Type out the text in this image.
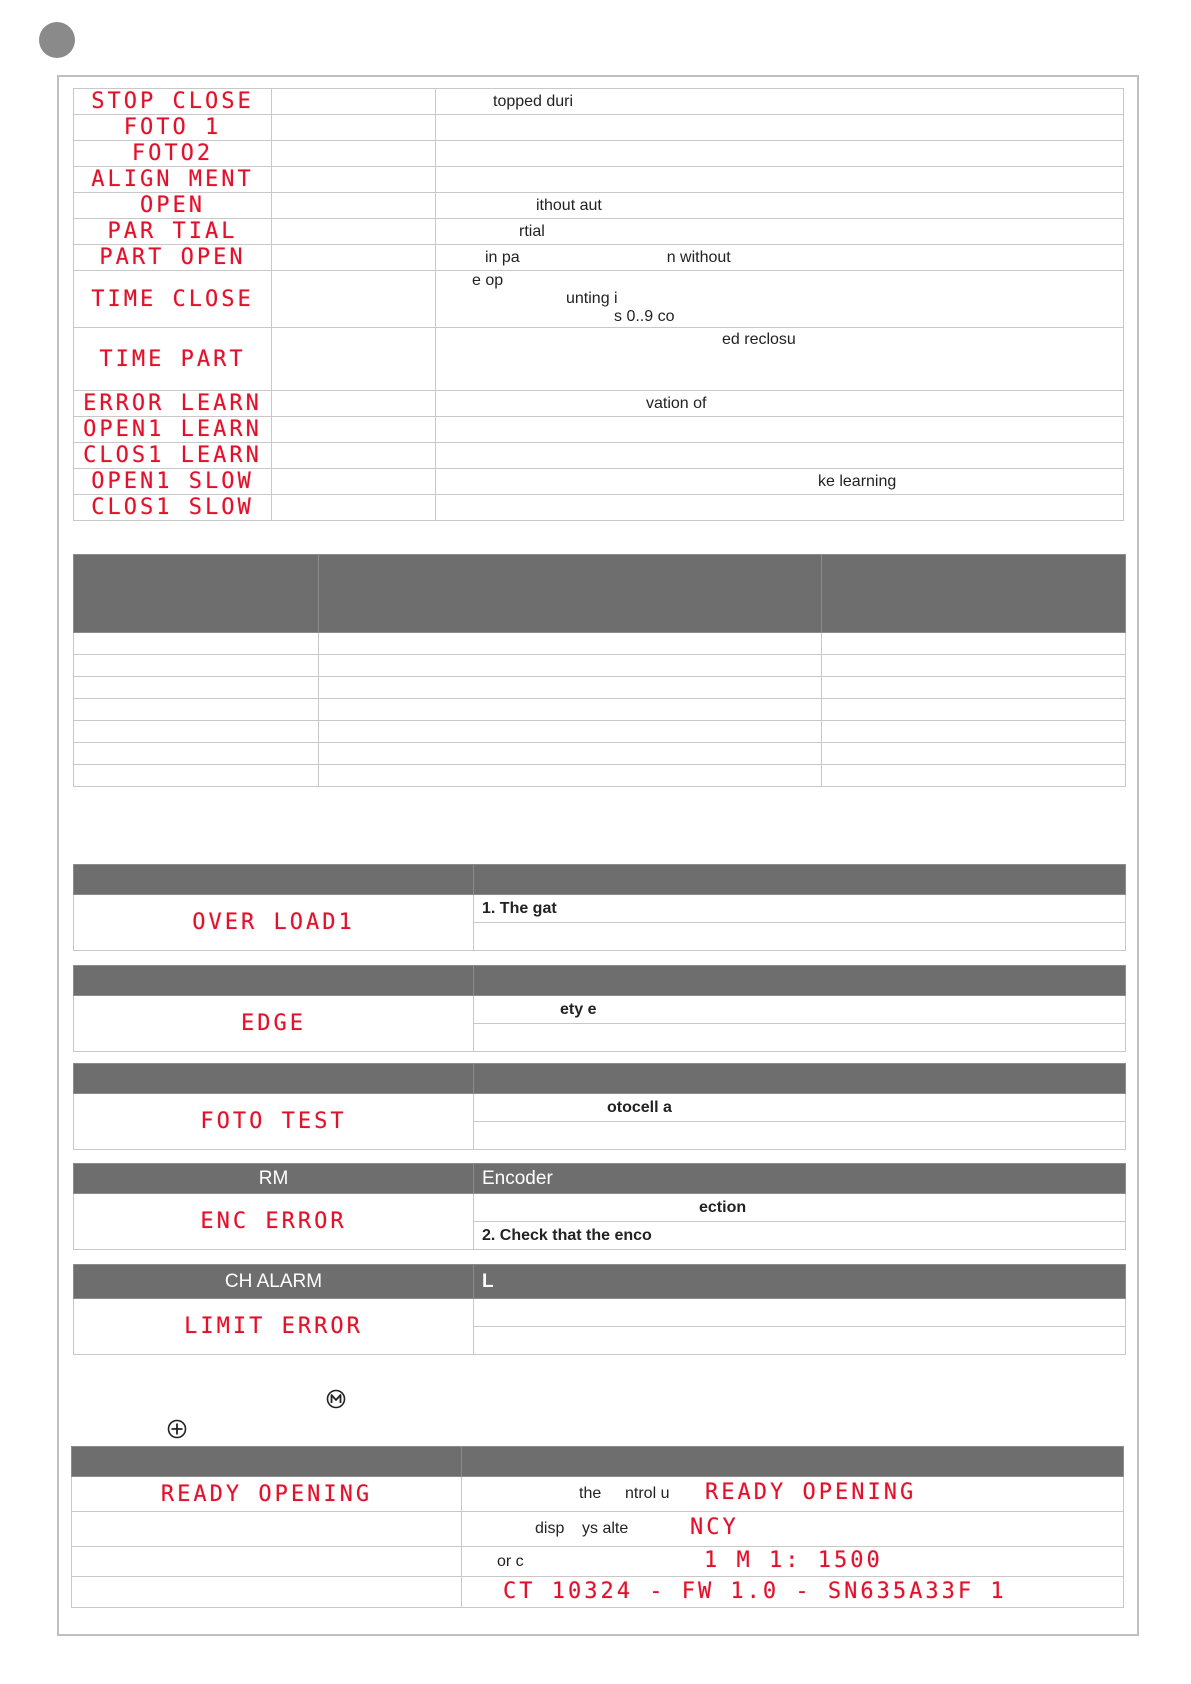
STOP CLOSE		topped duri
FOTO 1		
FOTO2		
ALIGN MENT		
OPEN		ithout aut
PAR TIAL		rtial
PART OPEN		in pa n without
TIME CLOSE		e op
unting i
s 0..9 co

TIME PART		ed reclosu
ERROR LEARN		vation of
OPEN1 LEARN		
CLOS1 LEARN		
OPEN1 SLOW		ke learning
CLOS1 SLOW		

OVER LOAD1	1. The gat

EDGE	ety e

FOTO TEST	otocell a

RM	Encoder
ENC ERROR	ection
	2. Check that the enco
CH ALARM	L
LIMIT ERROR	

READY OPENING	the ntrol u READY OPENING

	disp ys alte NCY

	or c 1 M 1: 1500

	CT 10324 - FW 1.0 - SN635A33F 1
